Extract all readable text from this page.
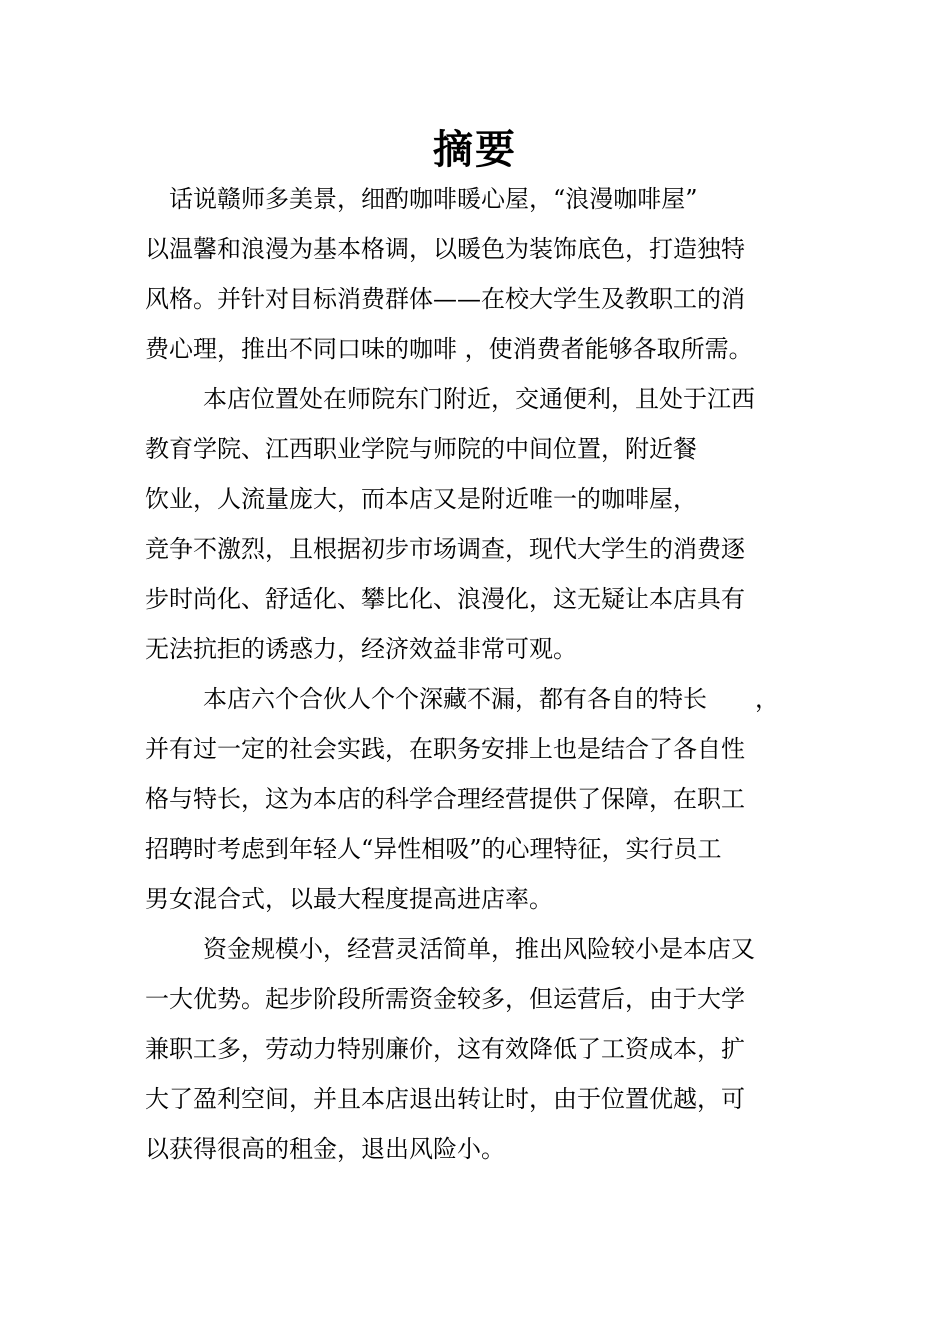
摘要
　话说赣师多美景，细酌咖啡暖心屋，“浪漫咖啡屋”
以温馨和浪漫为基本格调，以暖色为装饰底色，打造独特
风格。并针对目标消费群体——在校大学生及教职工的消
费心理，推出不同口味的咖啡 ，使消费者能够各取所需。
本店位置处在师院东门附近，交通便利，且处于江西
教育学院、江西职业学院与师院的中间位置，附近餐
饮业，人流量庞大，而本店又是附近唯一的咖啡屋，
竞争不激烈，且根据初步市场调查，现代大学生的消费逐
步时尚化、舒适化、攀比化、浪漫化，这无疑让本店具有
无法抗拒的诱惑力，经济效益非常可观。
本店六个合伙人个个深藏不漏，都有各自的特长　　，
并有过一定的社会实践，在职务安排上也是结合了各自性
格与特长，这为本店的科学合理经营提供了保障，在职工
招聘时考虑到年轻人“异性相吸”的心理特征，实行员工
男女混合式，以最大程度提高进店率。
资金规模小，经营灵活简单，推出风险较小是本店又
一大优势。起步阶段所需资金较多，但运营后，由于大学
兼职工多，劳动力特别廉价，这有效降低了工资成本，扩
大了盈利空间，并且本店退出转让时，由于位置优越，可
以获得很高的租金，退出风险小。
